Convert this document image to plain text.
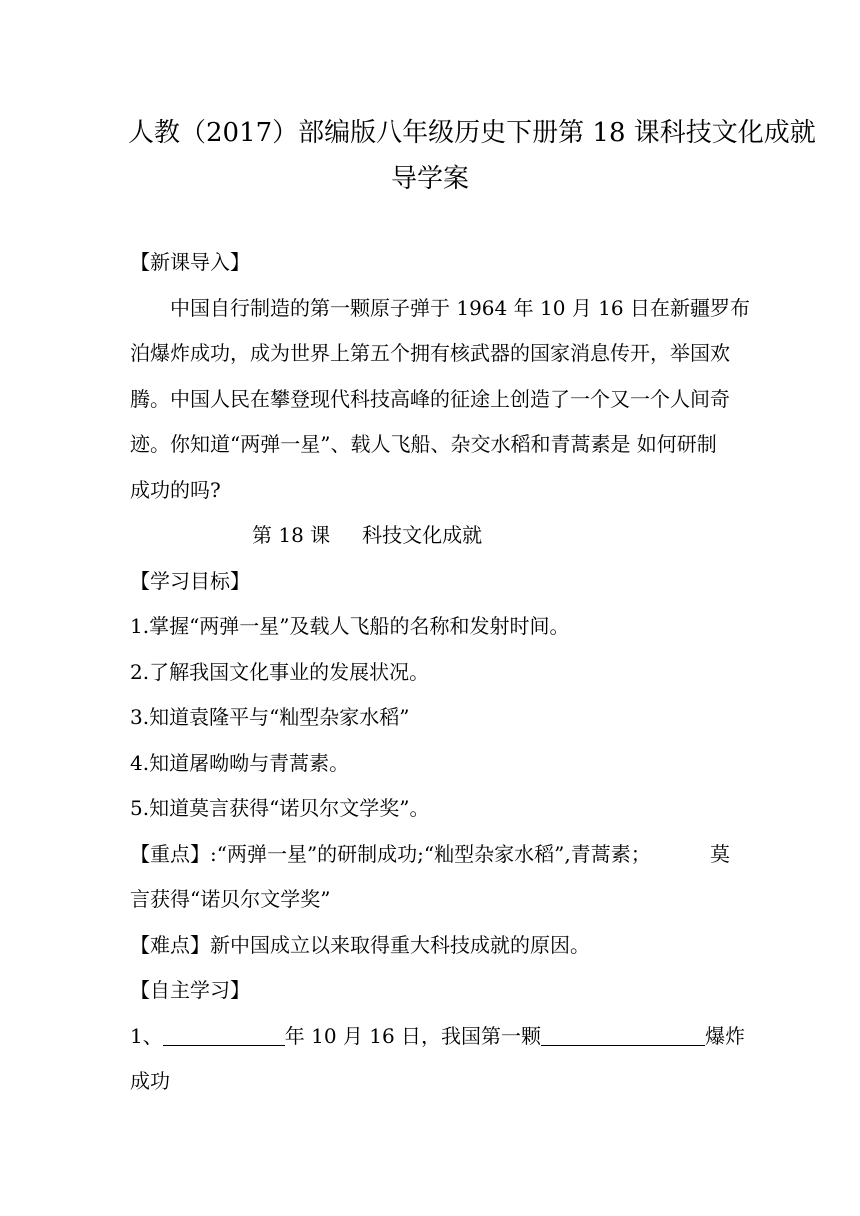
人教（2017）部编版八年级历史下册第 18 课科技文化成就
导学案
【新课导入】
中国自行制造的第一颗原子弹于 1964 年 10 月 16 日在新疆罗布
泊爆炸成功，成为世界上第五个拥有核武器的国家消息传开，举国欢
腾。中国人民在攀登现代科技高峰的征途上创造了一个又一个人间奇
迹。你知道“两弹一星”、载人飞船、杂交水稻和青蒿素是 如何研制
成功的吗?
第 18 课 科技文化成就
【学习目标】
1.掌握“两弹一星”及载人飞船的名称和发射时间。
2.了解我国文化事业的发展状况。
3.知道袁隆平与“籼型杂家水稻”
4.知道屠呦呦与青蒿素。
5.知道莫言获得“诺贝尔文学奖”。
【重点】:“两弹一星”的研制成功;“籼型杂家水稻”,青蒿素；	莫
言获得“诺贝尔文学奖”
【难点】新中国成立以来取得重大科技成就的原因。
【自主学习】
1、	年 10 月 16 日，我国第一颗	爆炸
成功
